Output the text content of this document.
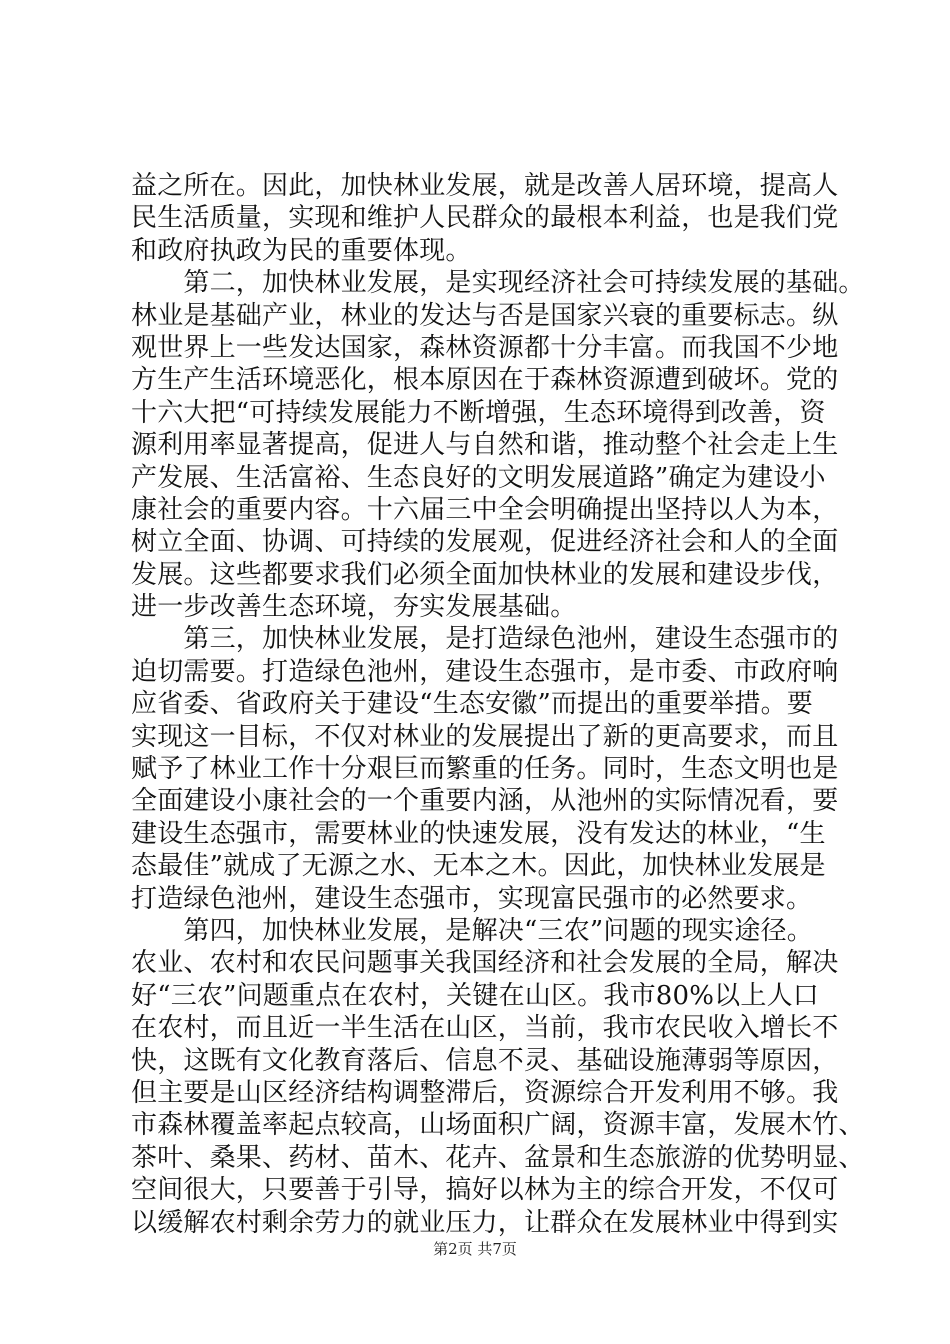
益之所在。因此，加快林业发展，就是改善人居环境，提高人
民生活质量，实现和维护人民群众的最根本利益，也是我们党
和政府执政为民的重要体现。
　　第二，加快林业发展，是实现经济社会可持续发展的基础。
林业是基础产业，林业的发达与否是国家兴衰的重要标志。纵
观世界上一些发达国家，森林资源都十分丰富。而我国不少地
方生产生活环境恶化，根本原因在于森林资源遭到破坏。党的
十六大把“可持续发展能力不断增强，生态环境得到改善，资
源利用率显著提高，促进人与自然和谐，推动整个社会走上生
产发展、生活富裕、生态良好的文明发展道路”确定为建设小
康社会的重要内容。十六届三中全会明确提出坚持以人为本，
树立全面、协调、可持续的发展观，促进经济社会和人的全面
发展。这些都要求我们必须全面加快林业的发展和建设步伐，
进一步改善生态环境，夯实发展基础。
　　第三，加快林业发展，是打造绿色池州，建设生态强市的
迫切需要。打造绿色池州，建设生态强市，是市委、市政府响
应省委、省政府关于建设“生态安徽”而提出的重要举措。要
实现这一目标，不仅对林业的发展提出了新的更高要求，而且
赋予了林业工作十分艰巨而繁重的任务。同时，生态文明也是
全面建设小康社会的一个重要内涵，从池州的实际情况看，要
建设生态强市，需要林业的快速发展，没有发达的林业，“生
态最佳”就成了无源之水、无本之木。因此，加快林业发展是
打造绿色池州，建设生态强市，实现富民强市的必然要求。
　　第四，加快林业发展，是解决“三农”问题的现实途径。
农业、农村和农民问题事关我国经济和社会发展的全局，解决
好“三农”问题重点在农村，关键在山区。我市80%以上人口
在农村，而且近一半生活在山区，当前，我市农民收入增长不
快，这既有文化教育落后、信息不灵、基础设施薄弱等原因，
但主要是山区经济结构调整滞后，资源综合开发利用不够。我
市森林覆盖率起点较高，山场面积广阔，资源丰富，发展木竹、
茶叶、桑果、药材、苗木、花卉、盆景和生态旅游的优势明显、
空间很大，只要善于引导，搞好以林为主的综合开发，不仅可
以缓解农村剩余劳力的就业压力，让群众在发展林业中得到实
第2页 共7页
